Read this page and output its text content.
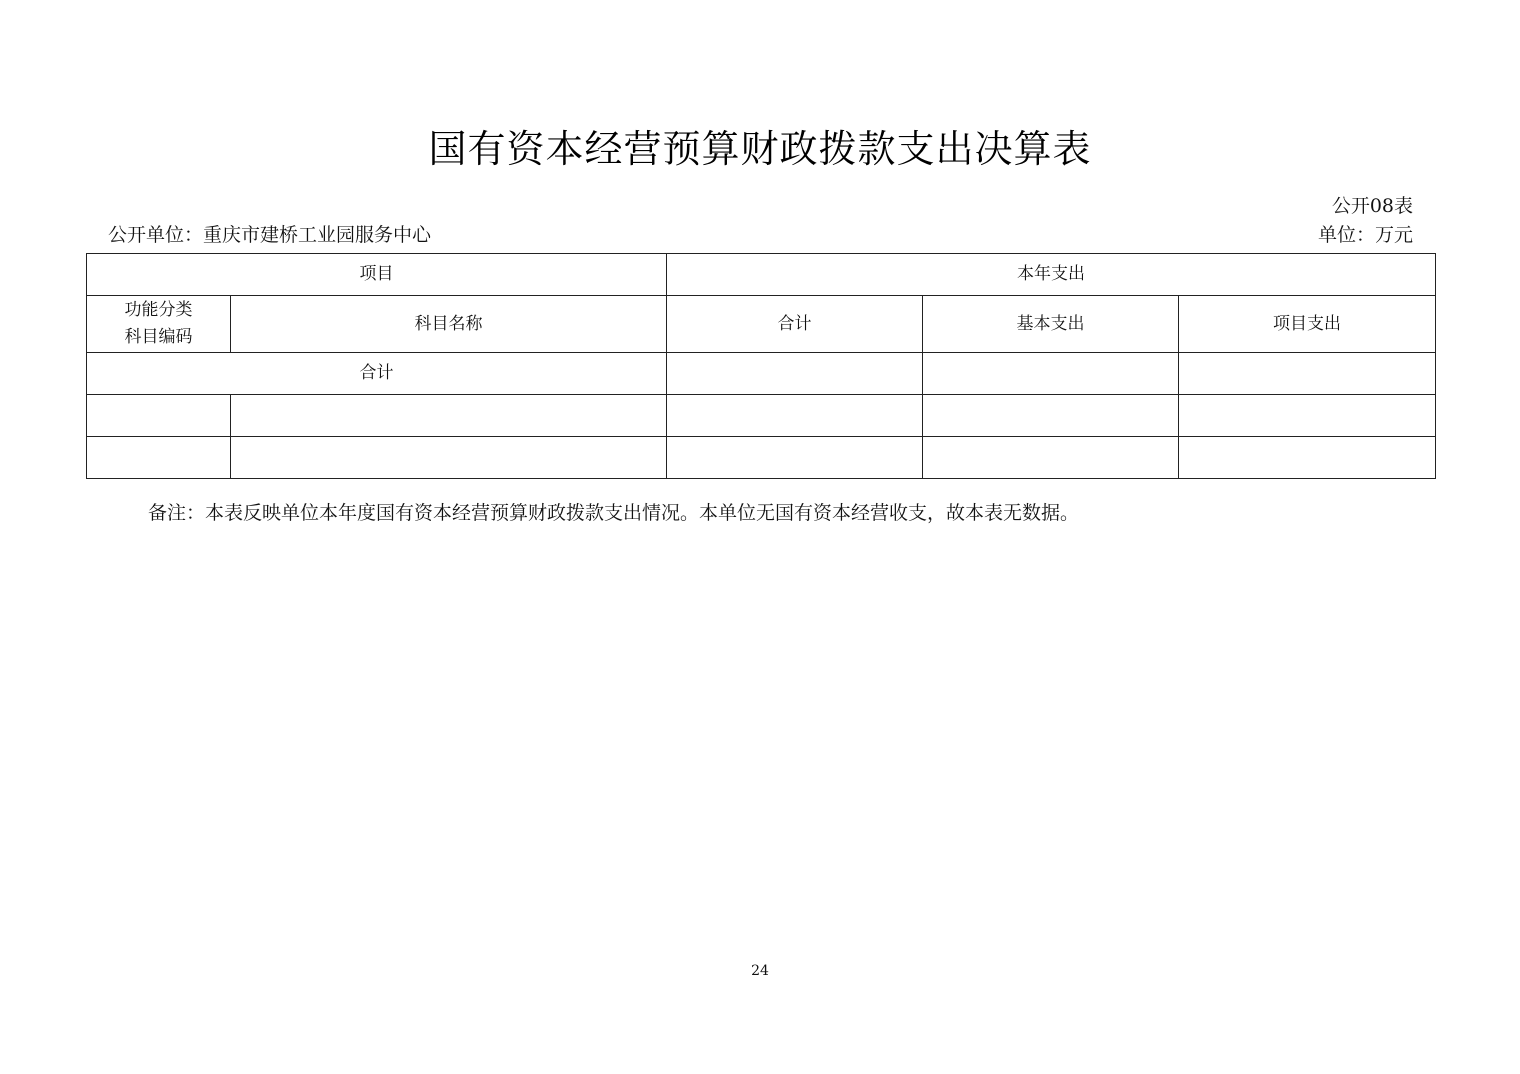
国有资本经营预算财政拨款支出决算表
公开08表
公开单位：重庆市建桥工业园服务中心	单位：万元
项目		本年支出		

功能分类
科目编码	科目名称	合计	基本支出	项目支出
合计				

备注：本表反映单位本年度国有资本经营预算财政拨款支出情况。本单位无国有资本经营收支，故本表无数据。
24
